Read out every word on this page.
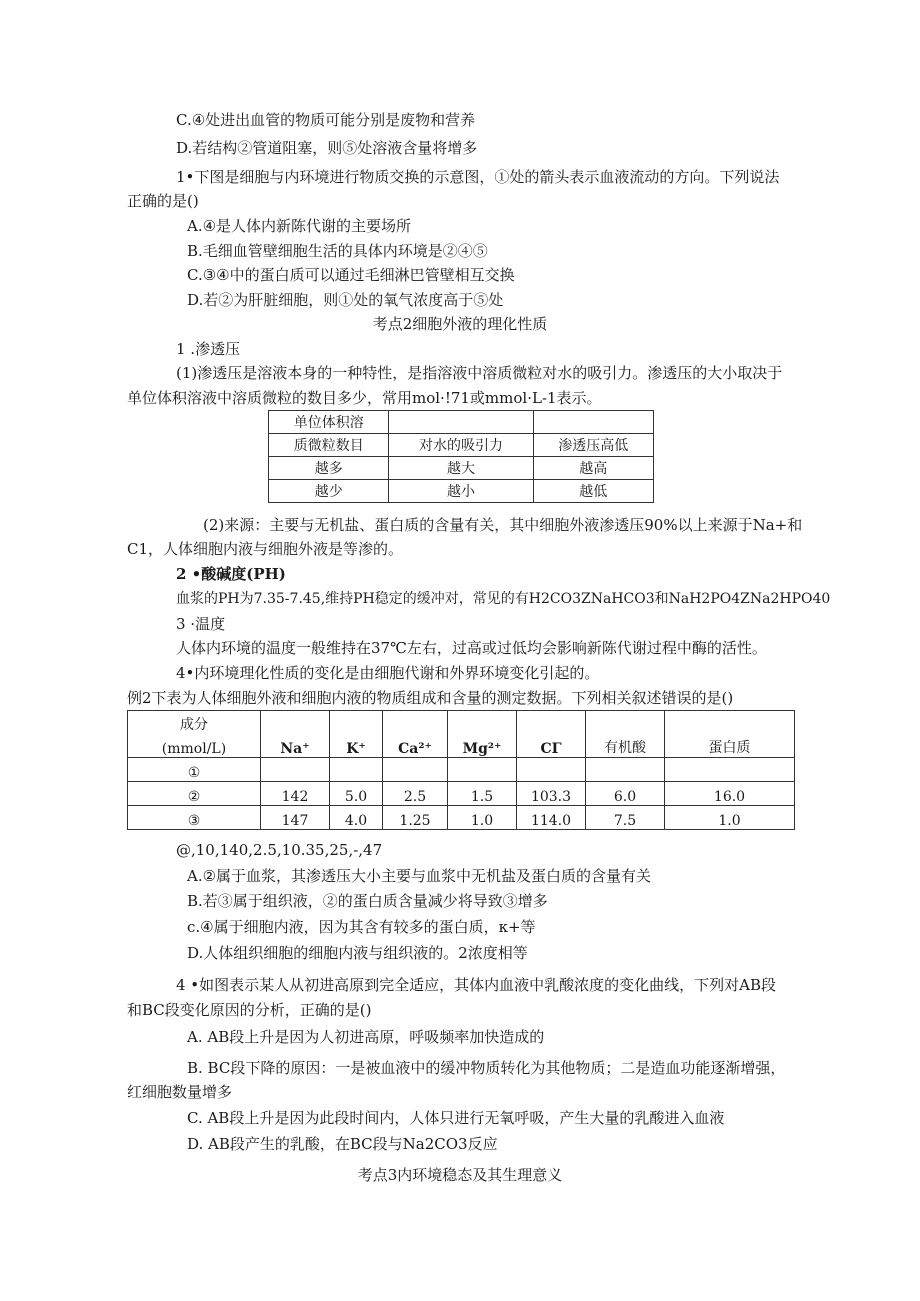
C.④处进出血管的物质可能分别是废物和营养
D.若结构②管道阻塞，则⑤处溶液含量将增多
1•下图是细胞与内环境进行物质交换的示意图，①处的箭头表示血液流动的方向。下列说法
正确的是()
A.④是人体内新陈代谢的主要场所
B.毛细血管壁细胞生活的具体内环境是②④⑤
C.③④中的蛋白质可以通过毛细淋巴管壁相互交换
D.若②为肝脏细胞，则①处的氧气浓度高于⑤处
考点2细胞外液的理化性质
1 .渗透压
(1)渗透压是溶液本身的一种特性，是指溶液中溶质微粒对水的吸引力。渗透压的大小取决于
单位体积溶液中溶质微粒的数目多少，常用mol·!71或mmol·L-1表示。
单位体积溶		
质微粒数目	对水的吸引力	渗透压高低
越多	越大	越高
越少	越小	越低
(2)来源：主要与无机盐、蛋白质的含量有关，其中细胞外液渗透压90%以上来源于Na+和
C1，人体细胞内液与细胞外液是等渗的。
2 •酸碱度(PH)
血浆的PH为7.35-7.45,维持PH稳定的缓冲对，常见的有H2CO3ZNaHCO3和NaH2PO4ZNa2HPO40
3 ·温度
人体内环境的温度一般维持在37℃左右，过高或过低均会影响新陈代谢过程中酶的活性。
4•内环境理化性质的变化是由细胞代谢和外界环境变化引起的。
例2下表为人体细胞外液和细胞内液的物质组成和含量的测定数据。下列相关叙述错误的是()
成分							
(mmol/L)	Na⁺	K⁺	Ca²⁺	Mg²⁺	CΓ	有机酸	蛋白质
①							
②	142	5.0	2.5	1.5	103.3	6.0	16.0
③	147	4.0	1.25	1.0	114.0	7.5	1.0
@,10,140,2.5,10.35,25,-,47
A.②属于血浆，其渗透压大小主要与血浆中无机盐及蛋白质的含量有关
B.若③属于组织液，②的蛋白质含量减少将导致③增多
c.④属于细胞内液，因为其含有较多的蛋白质，κ+等
D.人体组织细胞的细胞内液与组织液的。2浓度相等
4 •如图表示某人从初进高原到完全适应，其体内血液中乳酸浓度的变化曲线，下列对AB段
和BC段变化原因的分析，正确的是()
A. AB段上升是因为人初进高原，呼吸频率加快造成的
B. BC段下降的原因：一是被血液中的缓冲物质转化为其他物质；二是造血功能逐渐增强，
红细胞数量增多
C. AB段上升是因为此段时间内，人体只进行无氧呼吸，产生大量的乳酸进入血液
D. AB段产生的乳酸，在BC段与Na2CO3反应
考点3内环境稳态及其生理意义
